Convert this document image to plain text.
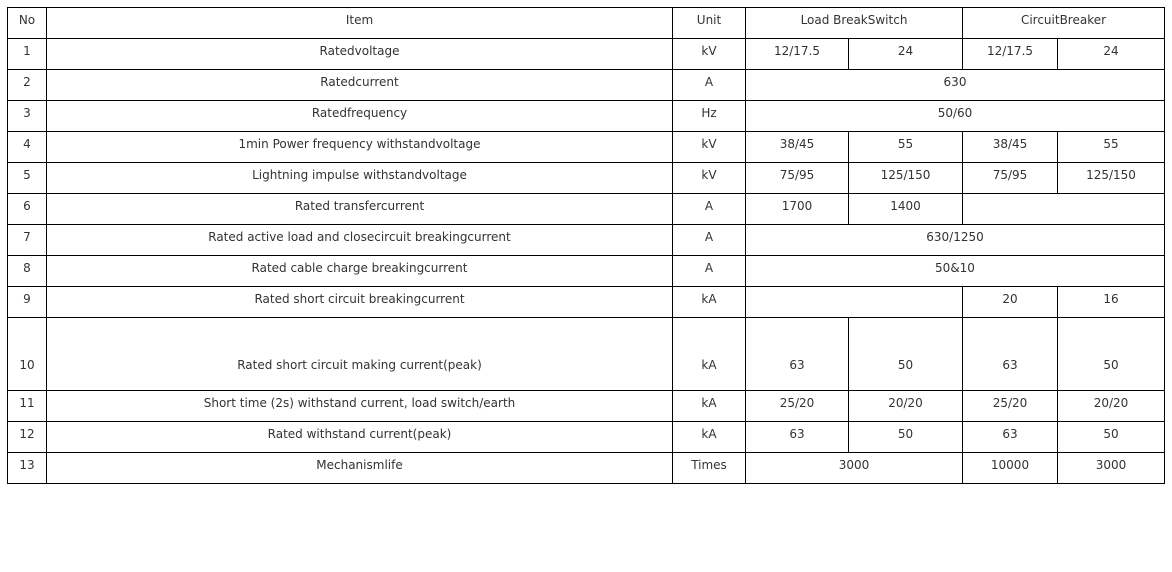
No	Item	Unit	Load BreakSwitch		CircuitBreaker	
1	Ratedvoltage	kV	12/17.5	24	12/17.5	24
2	Ratedcurrent	A	630			
3	Ratedfrequency	Hz	50/60			
4	1min Power frequency withstandvoltage	kV	38/45	55	38/45	55
5	Lightning impulse withstandvoltage	kV	75/95	125/150	75/95	125/150
6	Rated transfercurrent	A	1700	1400		
7	Rated active load and closecircuit breakingcurrent	A	630/1250			
8	Rated cable charge breakingcurrent	A	50&10			
9	Rated short circuit breakingcurrent	kA			20	16
10	Rated short circuit making current(peak)	kA	63	50	63	50
11	Short time (2s) withstand current, load switch/earth	kA	25/20	20/20	25/20	20/20
12	Rated withstand current(peak)	kA	63	50	63	50
13	Mechanismlife	Times	3000		10000	3000
